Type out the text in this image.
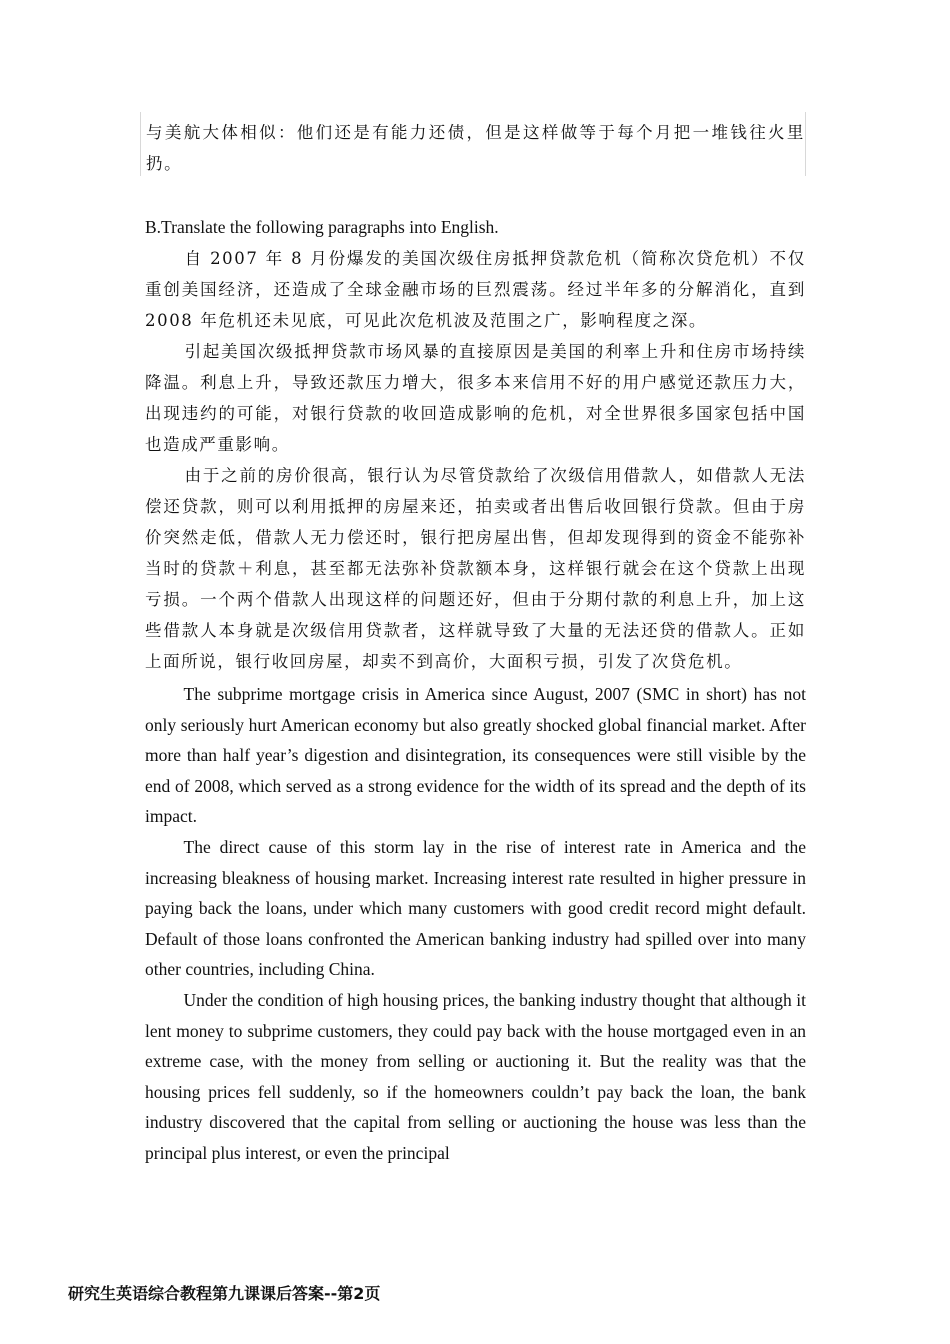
与美航大体相似：他们还是有能力还债，但是这样做等于每个月把一堆钱往火里扔。

B.Translate the following paragraphs into English.

自 2007 年 8 月份爆发的美国次级住房抵押贷款危机（简称次贷危机）不仅重创美国经济，还造成了全球金融市场的巨烈震荡。经过半年多的分解消化，直到 2008 年危机还未见底，可见此次危机波及范围之广，影响程度之深。

引起美国次级抵押贷款市场风暴的直接原因是美国的利率上升和住房市场持续降温。利息上升，导致还款压力增大，很多本来信用不好的用户感觉还款压力大，出现违约的可能，对银行贷款的收回造成影响的危机，对全世界很多国家包括中国也造成严重影响。

由于之前的房价很高，银行认为尽管贷款给了次级信用借款人，如借款人无法偿还贷款，则可以利用抵押的房屋来还，拍卖或者出售后收回银行贷款。但由于房价突然走低，借款人无力偿还时，银行把房屋出售，但却发现得到的资金不能弥补当时的贷款＋利息，甚至都无法弥补贷款额本身，这样银行就会在这个贷款上出现亏损。一个两个借款人出现这样的问题还好，但由于分期付款的利息上升，加上这些借款人本身就是次级信用贷款者，这样就导致了大量的无法还贷的借款人。正如上面所说，银行收回房屋，却卖不到高价，大面积亏损，引发了次贷危机。

The subprime mortgage crisis in America since August, 2007 (SMC in short) has not only seriously hurt American economy but also greatly shocked global financial market. After more than half year’s digestion and disintegration, its consequences were still visible by the end of 2008, which served as a strong evidence for the width of its spread and the depth of its impact.

The direct cause of this storm lay in the rise of interest rate in America and the increasing bleakness of housing market. Increasing interest rate resulted in higher pressure in paying back the loans, under which many customers with good credit record might default. Default of those loans confronted the American banking industry had spilled over into many other countries, including China.

Under the condition of high housing prices, the banking industry thought that although it lent money to subprime customers, they could pay back with the house mortgaged even in an extreme case, with the money from selling or auctioning it. But the reality was that the housing prices fell suddenly, so if the homeowners couldn’t pay back the loan, the bank industry discovered that the capital from selling or auctioning the house was less than the principal plus interest, or even the principal

研究生英语综合教程第九课课后答案--第2页
